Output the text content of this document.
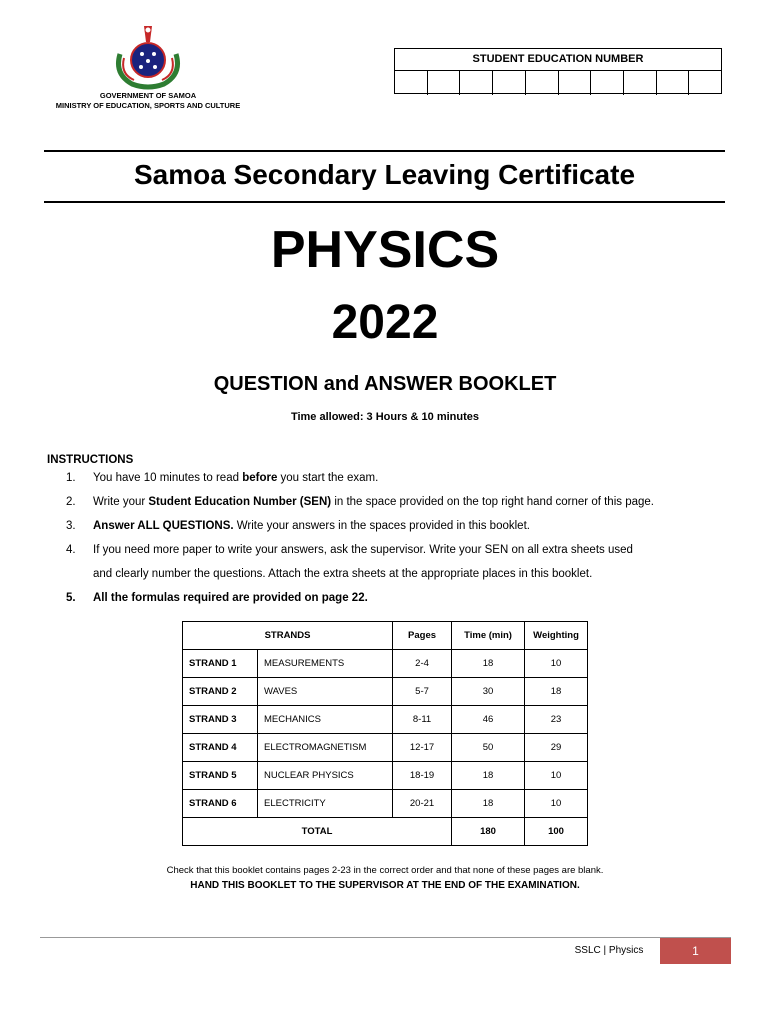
GOVERNMENT OF SAMOA
MINISTRY OF EDUCATION, SPORTS AND CULTURE
STUDENT EDUCATION NUMBER
Samoa Secondary Leaving Certificate
PHYSICS
2022
QUESTION and ANSWER BOOKLET
Time allowed: 3 Hours & 10 minutes
INSTRUCTIONS
1. You have 10 minutes to read before you start the exam.
2. Write your Student Education Number (SEN) in the space provided on the top right hand corner of this page.
3. Answer ALL QUESTIONS. Write your answers in the spaces provided in this booklet.
4. If you need more paper to write your answers, ask the supervisor. Write your SEN on all extra sheets used
and clearly number the questions. Attach the extra sheets at the appropriate places in this booklet.
5. All the formulas required are provided on page 22.
STRANDS		Pages	Time (min)	Weighting
STRAND 1	MEASUREMENTS	2-4	18	10
STRAND 2	WAVES	5-7	30	18
STRAND 3	MECHANICS	8-11	46	23
STRAND 4	ELECTROMAGNETISM	12-17	50	29
STRAND 5	NUCLEAR PHYSICS	18-19	18	10
STRAND 6	ELECTRICITY	20-21	18	10
TOTAL			180	100
Check that this booklet contains pages 2-23 in the correct order and that none of these pages are blank.
HAND THIS BOOKLET TO THE SUPERVISOR AT THE END OF THE EXAMINATION.
SSLC | Physics	1
